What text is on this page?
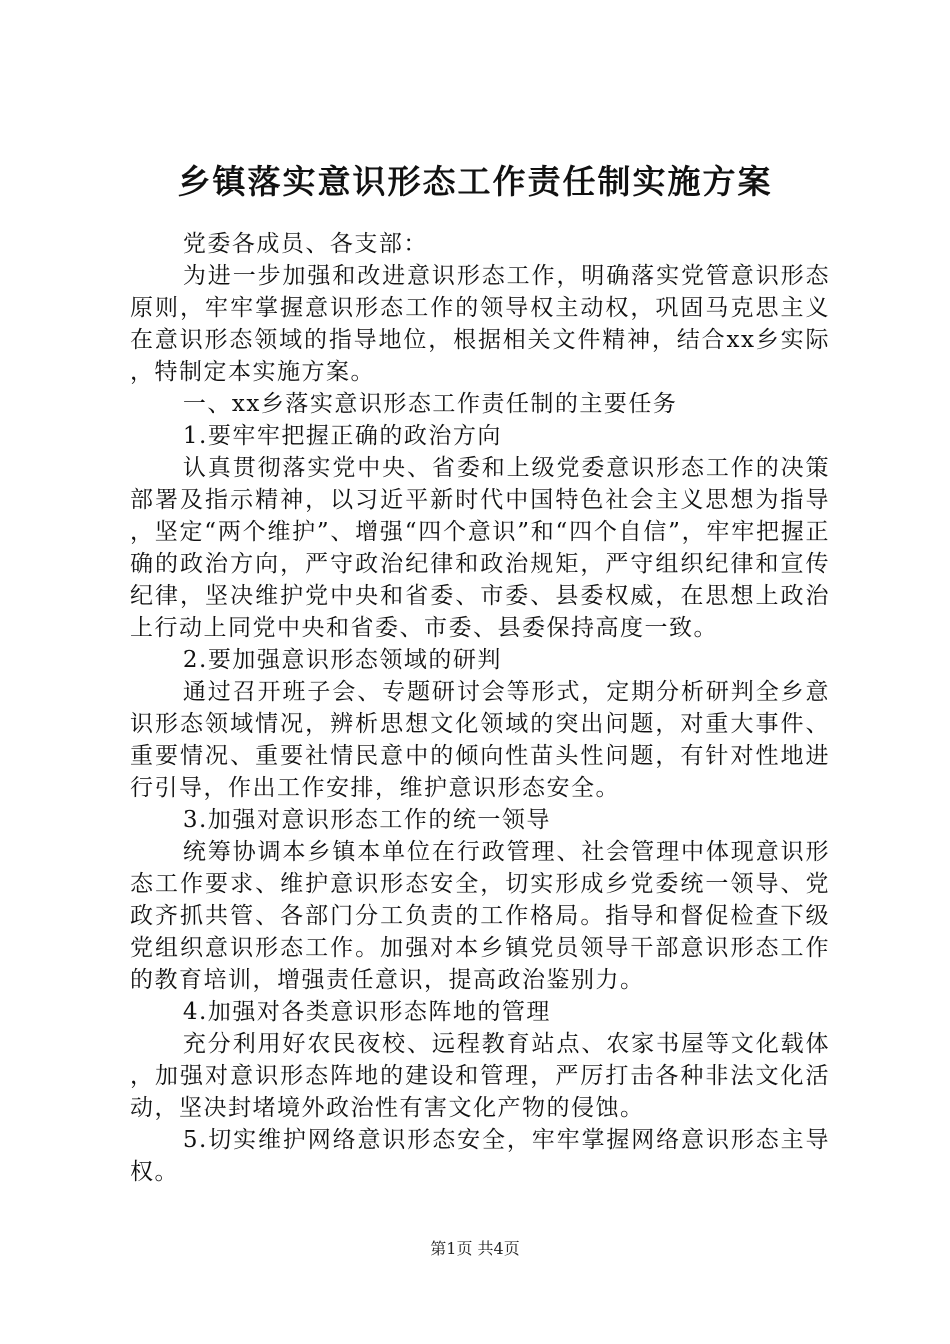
乡镇落实意识形态工作责任制实施方案

党委各成员、各支部：

为进一步加强和改进意识形态工作，明确落实党管意识形态原则，牢牢掌握意识形态工作的领导权主动权，巩固马克思主义在意识形态领域的指导地位，根据相关文件精神，结合xx乡实际，特制定本实施方案。

一、xx乡落实意识形态工作责任制的主要任务

1.要牢牢把握正确的政治方向

认真贯彻落实党中央、省委和上级党委意识形态工作的决策部署及指示精神，以习近平新时代中国特色社会主义思想为指导，坚定“两个维护”、增强“四个意识”和“四个自信”，牢牢把握正确的政治方向，严守政治纪律和政治规矩，严守组织纪律和宣传纪律，坚决维护党中央和省委、市委、县委权威，在思想上政治上行动上同党中央和省委、市委、县委保持高度一致。

2.要加强意识形态领域的研判

通过召开班子会、专题研讨会等形式，定期分析研判全乡意识形态领域情况，辨析思想文化领域的突出问题，对重大事件、重要情况、重要社情民意中的倾向性苗头性问题，有针对性地进行引导，作出工作安排，维护意识形态安全。

3.加强对意识形态工作的统一领导

统筹协调本乡镇本单位在行政管理、社会管理中体现意识形态工作要求、维护意识形态安全，切实形成乡党委统一领导、党政齐抓共管、各部门分工负责的工作格局。指导和督促检查下级党组织意识形态工作。加强对本乡镇党员领导干部意识形态工作的教育培训，增强责任意识，提高政治鉴别力。

4.加强对各类意识形态阵地的管理

充分利用好农民夜校、远程教育站点、农家书屋等文化载体，加强对意识形态阵地的建设和管理，严厉打击各种非法文化活动，坚决封堵境外政治性有害文化产物的侵蚀。

5.切实维护网络意识形态安全，牢牢掌握网络意识形态主导权。

第1页 共4页
